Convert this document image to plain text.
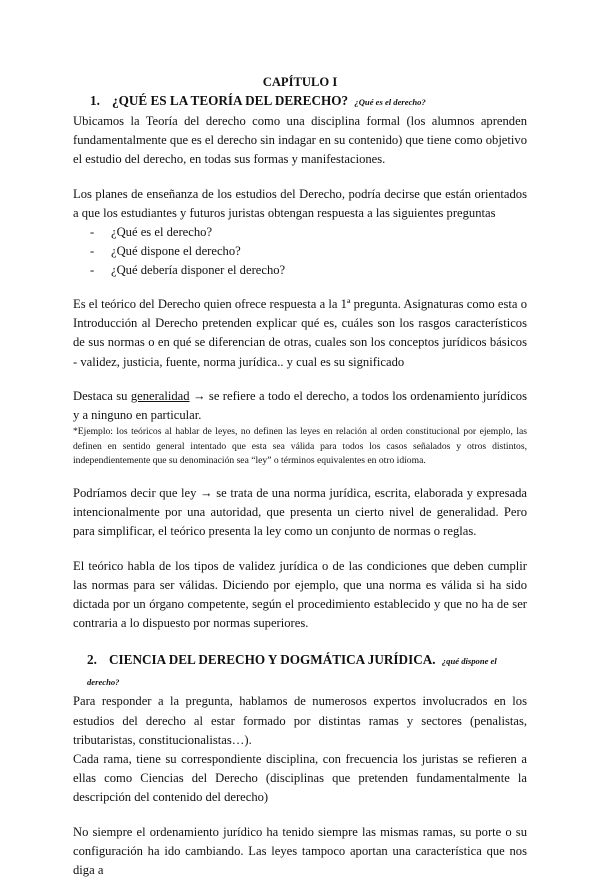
CAPÍTULO I
1. ¿QUÉ ES LA TEORÍA DEL DERECHO? ¿Qué es el derecho?

Ubicamos la Teoría del derecho como una disciplina formal (los alumnos aprenden fundamentalmente que es el derecho sin indagar en su contenido) que tiene como objetivo el estudio del derecho, en todas sus formas y manifestaciones.

Los planes de enseñanza de los estudios del Derecho, podría decirse que están orientados a que los estudiantes y futuros juristas obtengan respuesta a las siguientes preguntas

- ¿Qué es el derecho?
- ¿Qué dispone el derecho?
- ¿Qué debería disponer el derecho?

Es el teórico del Derecho quien ofrece respuesta a la 1ª pregunta. Asignaturas como esta o Introducción al Derecho pretenden explicar qué es, cuáles son los rasgos característicos de sus normas o en qué se diferencian de otras, cuales son los conceptos jurídicos básicos - validez, justicia, fuente, norma jurídica.. y cual es su significado

Destaca su generalidad → se refiere a todo el derecho, a todos los ordenamiento jurídicos y a ninguno en particular.

*Ejemplo: los teóricos al hablar de leyes, no definen las leyes en relación al orden constitucional por ejemplo, las definen en sentido general intentado que esta sea válida para todos los casos señalados y otros distintos, independientemente que su denominación sea “ley” o términos equivalentes en otro idioma.

Podríamos decir que ley → se trata de una norma jurídica, escrita, elaborada y expresada intencionalmente por una autoridad, que presenta un cierto nivel de generalidad. Pero para simplificar, el teórico presenta la ley como un conjunto de normas o reglas.

El teórico habla de los tipos de validez jurídica o de las condiciones que deben cumplir las normas para ser válidas. Diciendo por ejemplo, que una norma es válida si ha sido dictada por un órgano competente, según el procedimiento establecido y que no ha de ser contraria a lo dispuesto por normas superiores.

2. CIENCIA DEL DERECHO Y DOGMÁTICA JURÍDICA. ¿qué dispone el derecho?

Para responder a la pregunta, hablamos de numerosos expertos involucrados en los estudios del derecho al estar formado por distintas ramas y sectores (penalistas, tributaristas, constitucionalistas…).

Cada rama, tiene su correspondiente disciplina, con frecuencia los juristas se refieren a ellas como Ciencias del Derecho (disciplinas que pretenden fundamentalmente la descripción del contenido del derecho)

No siempre el ordenamiento jurídico ha tenido siempre las mismas ramas, su porte o su configuración ha ido cambiando. Las leyes tampoco aportan una característica que nos diga a
